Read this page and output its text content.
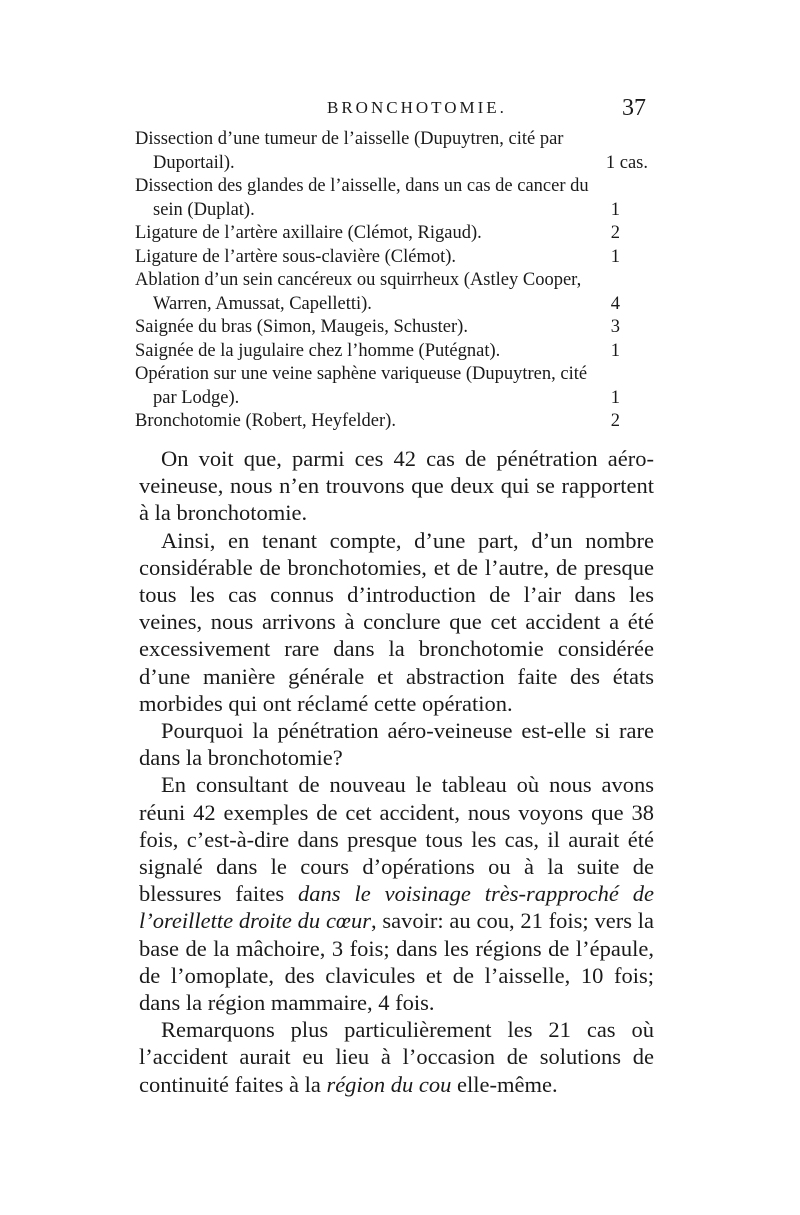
BRONCHOTOMIE.	37
Dissection d’une tumeur de l’aisselle (Dupuytren, cité par Duportail).	1 cas.
Dissection des glandes de l’aisselle, dans un cas de cancer du sein (Duplat).	1
Ligature de l’artère axillaire (Clémot, Rigaud).	2
Ligature de l’artère sous-clavière (Clémot).	1
Ablation d’un sein cancéreux ou squirrheux (Astley Cooper, Warren, Amussat, Capelletti).	4
Saignée du bras (Simon, Maugeis, Schuster).	3
Saignée de la jugulaire chez l’homme (Putégnat).	1
Opération sur une veine saphène variqueuse (Dupuytren, cité par Lodge).	1
Bronchotomie (Robert, Heyfelder).	2

On voit que, parmi ces 42 cas de pénétration aéro-veineuse, nous n’en trouvons que deux qui se rapportent à la bronchotomie.

Ainsi, en tenant compte, d’une part, d’un nombre considérable de bronchotomies, et de l’autre, de presque tous les cas connus d’introduction de l’air dans les veines, nous arrivons à conclure que cet accident a été excessivement rare dans la bronchotomie considérée d’une manière générale et abstraction faite des états morbides qui ont réclamé cette opération.

Pourquoi la pénétration aéro-veineuse est-elle si rare dans la bronchotomie?

En consultant de nouveau le tableau où nous avons réuni 42 exemples de cet accident, nous voyons que 38 fois, c’est-à-dire dans presque tous les cas, il aurait été signalé dans le cours d’opérations ou à la suite de blessures faites dans le voisinage très-rapproché de l’oreillette droite du cœur, savoir: au cou, 21 fois; vers la base de la mâchoire, 3 fois; dans les régions de l’épaule, de l’omoplate, des clavicules et de l’aisselle, 10 fois; dans la région mammaire, 4 fois.

Remarquons plus particulièrement les 21 cas où l’accident aurait eu lieu à l’occasion de solutions de continuité faites à la région du cou elle-même.
